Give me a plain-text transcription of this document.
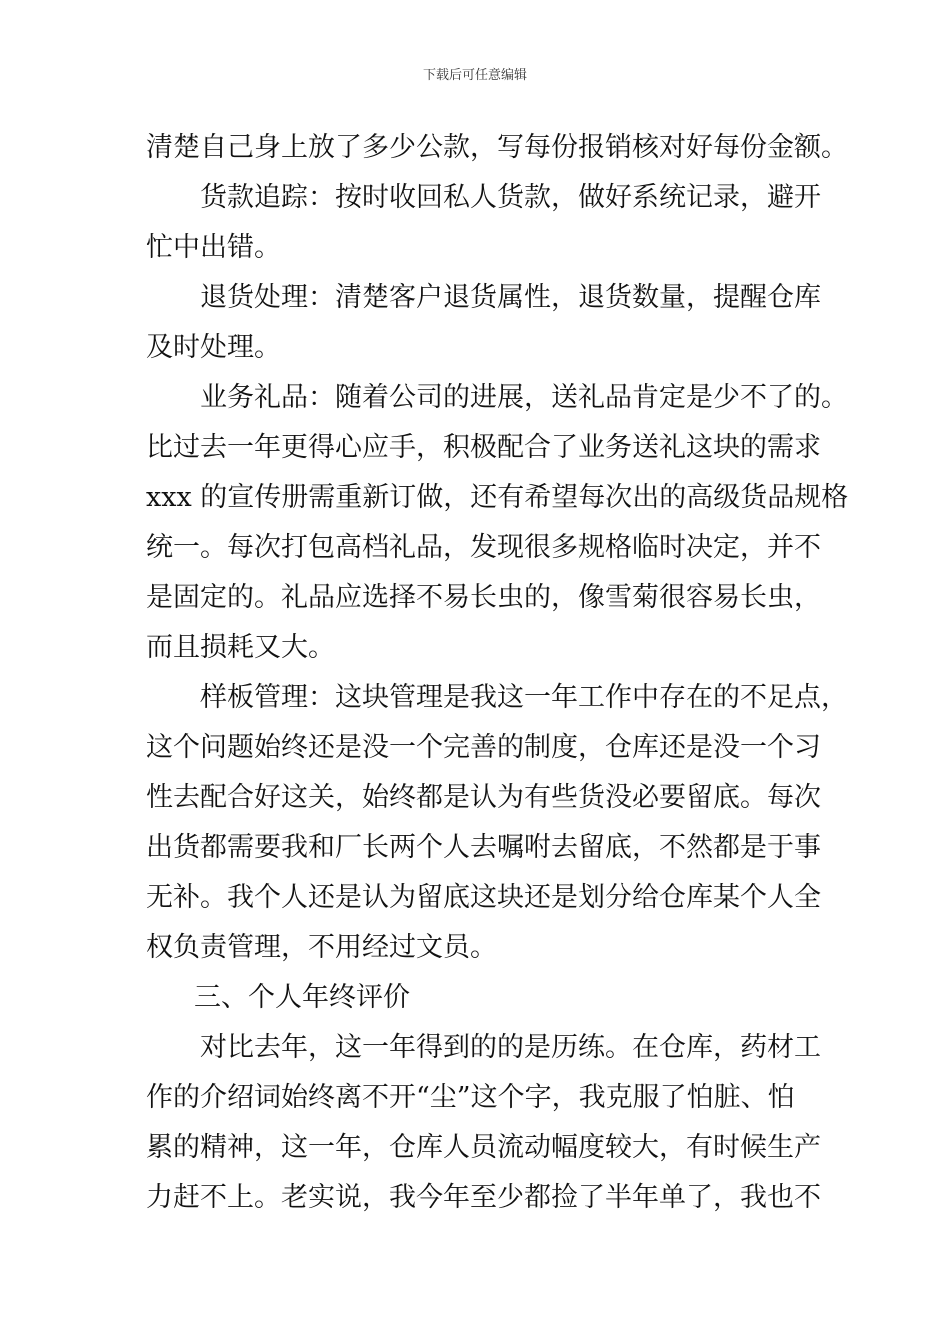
下载后可任意编辑
清楚自己身上放了多少公款，写每份报销核对好每份金额。
货款追踪：按时收回私人货款，做好系统记录，避开
忙中出错。
退货处理：清楚客户退货属性，退货数量，提醒仓库
及时处理。
业务礼品：随着公司的进展，送礼品肯定是少不了的。
比过去一年更得心应手，积极配合了业务送礼这块的需求
xxx 的宣传册需重新订做，还有希望每次出的高级货品规格
统一。每次打包高档礼品，发现很多规格临时决定，并不
是固定的。礼品应选择不易长虫的，像雪菊很容易长虫，
而且损耗又大。
样板管理：这块管理是我这一年工作中存在的不足点，
这个问题始终还是没一个完善的制度，仓库还是没一个习
性去配合好这关，始终都是认为有些货没必要留底。每次
出货都需要我和厂长两个人去嘱咐去留底，不然都是于事
无补。我个人还是认为留底这块还是划分给仓库某个人全
权负责管理，不用经过文员。
三、个人年终评价
对比去年，这一年得到的的是历练。在仓库，药材工
作的介绍词始终离不开“尘”这个字，我克服了怕脏、怕
累的精神，这一年，仓库人员流动幅度较大，有时候生产
力赶不上。老实说，我今年至少都捡了半年单了，我也不
